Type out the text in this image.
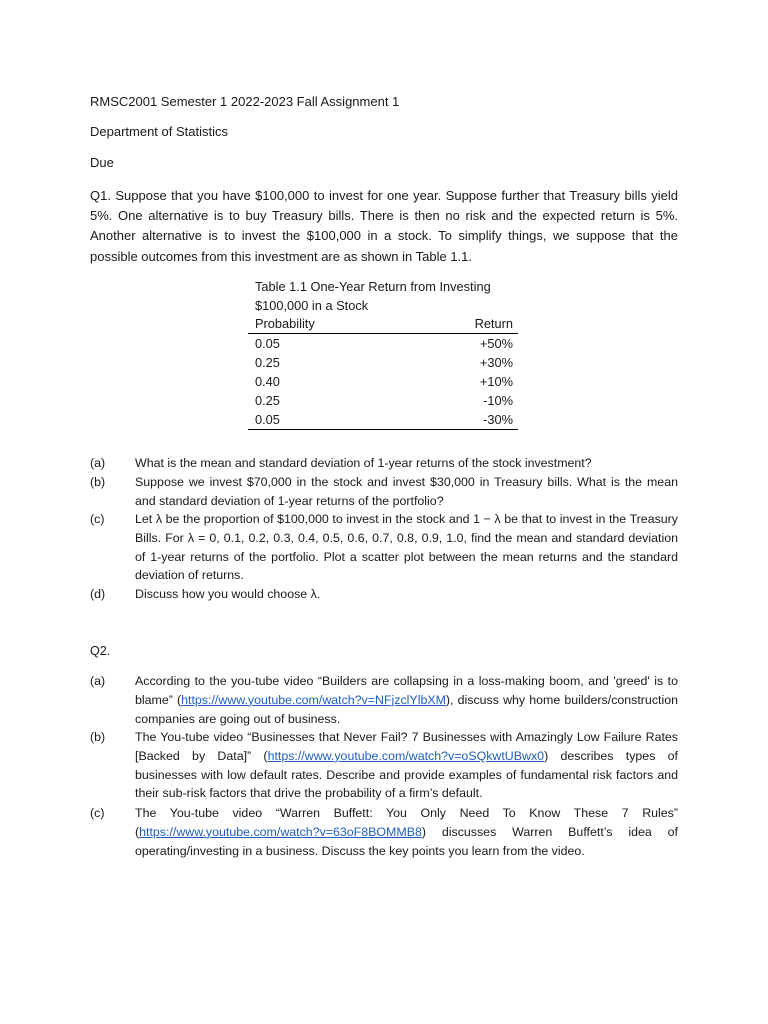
RMSC2001 Semester 1 2022-2023 Fall Assignment 1
Department of Statistics
Due
Q1. Suppose that you have $100,000 to invest for one year. Suppose further that Treasury bills yield 5%. One alternative is to buy Treasury bills. There is then no risk and the expected return is 5%. Another alternative is to invest the $100,000 in a stock. To simplify things, we suppose that the possible outcomes from this investment are as shown in Table 1.1.
Table 1.1 One-Year Return from Investing
$100,000 in a Stock
Probability	Return
0.05	+50%
0.25	+30%
0.40	+10%
0.25	-10%
0.05	-30%
(a)	What is the mean and standard deviation of 1-year returns of the stock investment?
(b)	Suppose we invest $70,000 in the stock and invest $30,000 in Treasury bills. What is the mean and standard deviation of 1-year returns of the portfolio?
(c)	Let λ be the proportion of $100,000 to invest in the stock and 1 − λ be that to invest in the Treasury Bills. For λ = 0, 0.1, 0.2, 0.3, 0.4, 0.5, 0.6, 0.7, 0.8, 0.9, 1.0, find the mean and standard deviation of 1-year returns of the portfolio. Plot a scatter plot between the mean returns and the standard deviation of returns.
(d)	Discuss how you would choose λ.
Q2.
(a)	According to the you-tube video “Builders are collapsing in a loss-making boom, and 'greed' is to blame” (https://www.youtube.com/watch?v=NFjzclYlbXM), discuss why home builders/construction companies are going out of business.
(b)	The You-tube video “Businesses that Never Fail? 7 Businesses with Amazingly Low Failure Rates [Backed by Data]” (https://www.youtube.com/watch?v=oSQkwtUBwx0) describes types of businesses with low default rates. Describe and provide examples of fundamental risk factors and their sub-risk factors that drive the probability of a firm’s default.
(c)	The You-tube video “Warren Buffett: You Only Need To Know These 7 Rules” (https://www.youtube.com/watch?v=63oF8BOMMB8) discusses Warren Buffett’s idea of operating/investing in a business. Discuss the key points you learn from the video.
